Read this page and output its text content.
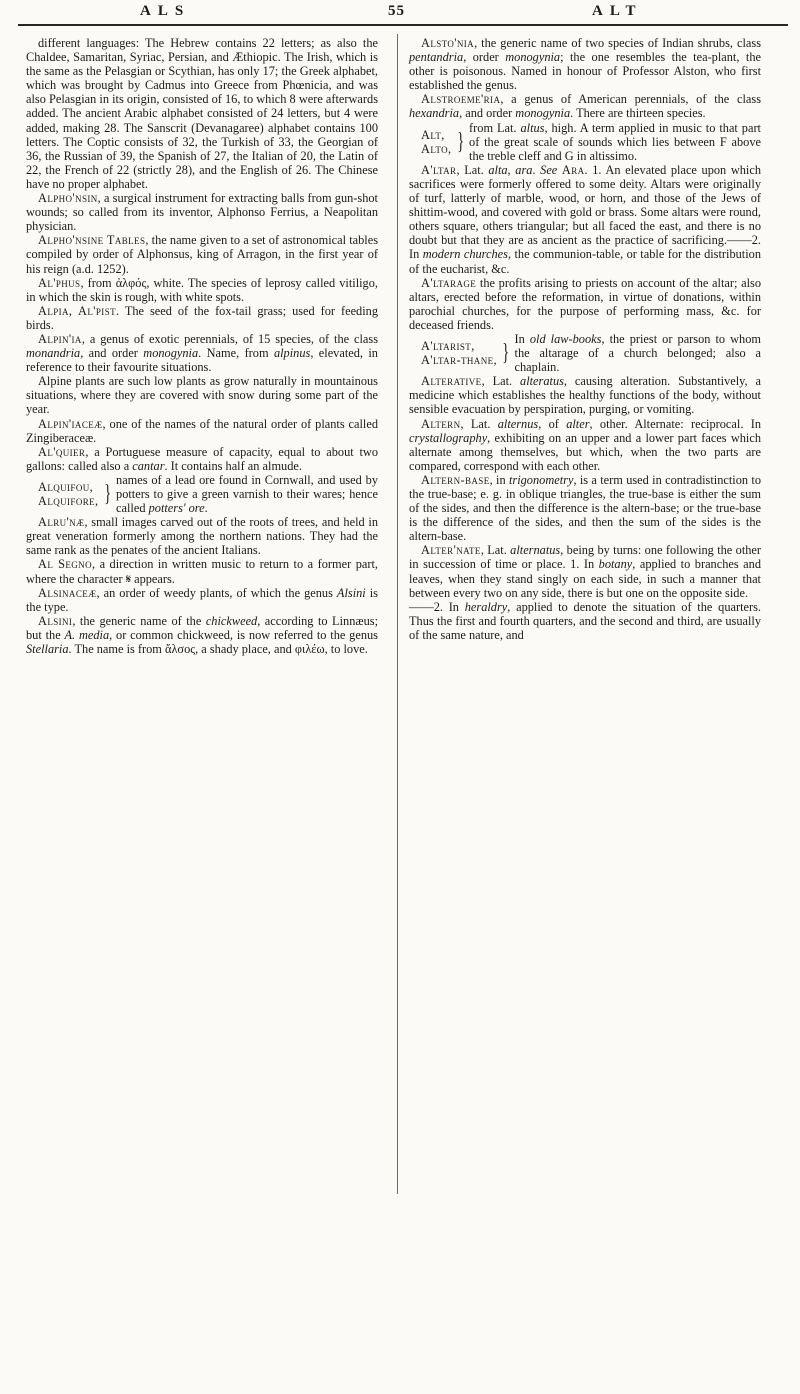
ALS	55	ALT

different languages: The Hebrew contains 22 letters; as also the Chaldee, Samaritan, Syriac, Persian, and Æthiopic. The Irish, which is the same as the Pelasgian or Scythian, has only 17; the Greek alphabet, which was brought by Cadmus into Greece from Phœnicia, and was also Pelasgian in its origin, consisted of 16, to which 8 were afterwards added. The ancient Arabic alphabet consisted of 24 letters, but 4 were added, making 28. The Sanscrit (Devanagaree) alphabet contains 100 letters. The Coptic consists of 32, the Turkish of 33, the Georgian of 36, the Russian of 39, the Spanish of 27, the Italian of 20, the Latin of 22, the French of 22 (strictly 28), and the English of 26. The Chinese have no proper alphabet.

Alpho'nsin, a surgical instrument for extracting balls from gun-shot wounds; so called from its inventor, Alphonso Ferrius, a Neapolitan physician.

Alpho'nsine Tables, the name given to a set of astronomical tables compiled by order of Alphonsus, king of Arragon, in the first year of his reign (a.d. 1252).

Al'phus, from ἀλφός, white. The species of leprosy called vitiligo, in which the skin is rough, with white spots.

Alpia, Al'pist. The seed of the fox-tail grass; used for feeding birds.

Alpin'ia, a genus of exotic perennials, of 15 species, of the class monandria, and order monogynia. Name, from alpinus, elevated, in reference to their favourite situations.

Alpine plants are such low plants as grow naturally in mountainous situations, where they are covered with snow during some part of the year.

Alpin'iaceæ, one of the names of the natural order of plants called Zingiberaceæ.

Al'quier, a Portuguese measure of capacity, equal to about two gallons: called also a cantar. It contains half an almude.

Alquifou,
Alquifore, }
names of a lead ore found in Cornwall, and used by potters to give a green varnish to their wares; hence called potters' ore.

Alru'næ, small images carved out of the roots of trees, and held in great veneration formerly among the northern nations. They had the same rank as the penates of the ancient Italians.

Al Segno, a direction in written music to return to a former part, where the character 𝄋 appears.

Alsinaceæ, an order of weedy plants, of which the genus Alsini is the type.

Alsini, the generic name of the chickweed, according to Linnæus; but the A. media, or common chickweed, is now referred to the genus Stellaria. The name is from ἄλσος, a shady place, and φιλέω, to love.

Alsto'nia, the generic name of two species of Indian shrubs, class pentandria, order monogynia; the one resembles the tea-plant, the other is poisonous. Named in honour of Professor Alston, who first established the genus.

Alstroeme'ria, a genus of American perennials, of the class hexandria, and order monogynia. There are thirteen species.

Alt,
Alto, }
from Lat. altus, high. A term applied in music to that part of the great scale of sounds which lies between F above the treble cleff and G in altissimo.

A'ltar, Lat. alta, ara. See Ara. 1. An elevated place upon which sacrifices were formerly offered to some deity. Altars were originally of turf, latterly of marble, wood, or horn, and those of the Jews of shittim-wood, and covered with gold or brass. Some altars were round, others square, others triangular; but all faced the east, and there is no doubt but that they are as ancient as the practice of sacrificing.——2. In modern churches, the communion-table, or table for the distribution of the eucharist, &c.

A'ltarage the profits arising to priests on account of the altar; also altars, erected before the reformation, in virtue of donations, within parochial churches, for the purpose of performing mass, &c. for deceased friends.

A'ltarist,
A'ltar-thane, }
In old law-books, the priest or parson to whom the altarage of a church belonged; also a chaplain.

Alterative, Lat. alteratus, causing alteration. Substantively, a medicine which establishes the healthy functions of the body, without sensible evacuation by perspiration, purging, or vomiting.

Altern, Lat. alternus, of alter, other. Alternate: reciprocal. In crystallography, exhibiting on an upper and a lower part faces which alternate among themselves, but which, when the two parts are compared, correspond with each other.

Altern-base, in trigonometry, is a term used in contradistinction to the true-base; e. g. in oblique triangles, the true-base is either the sum of the sides, and then the difference is the altern-base; or the true-base is the difference of the sides, and then the sum of the sides is the altern-base.

Alter'nate, Lat. alternatus, being by turns: one following the other in succession of time or place. 1. In botany, applied to branches and leaves, when they stand singly on each side, in such a manner that between every two on any side, there is but one on the opposite side.

——2. In heraldry, applied to denote the situation of the quarters. Thus the first and fourth quarters, and the second and third, are usually of the same nature, and
